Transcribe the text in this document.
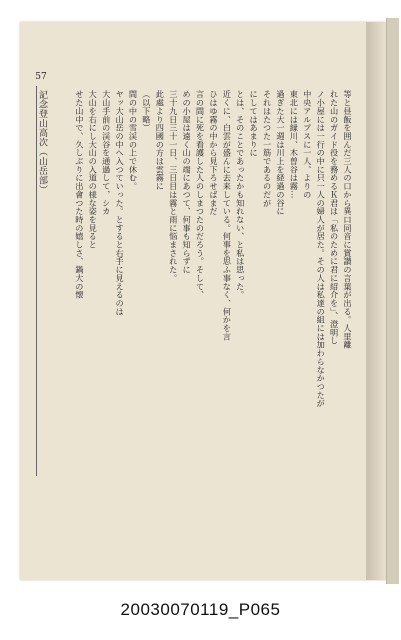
57
記念登山高次（山岳部）	等と昼飯を囲んだ三人の口から異口同音に賞讃の言葉が出る。人里離

れた山のガイド役を務めるＫ君は「私のために君に紹介を」、澄明し

ノ小屋には一行の中に只一人の婦人が居た。その人は私達の組には加わらなかつたが

中央アルプスに一人、よりの

東北には縁川、木曽谷は霧…

過ぎた大一週は川上を経過の谷に

それはたつた一筋であるのだが

にしてはあまりに

とは、そのことであったかも知れない、と私は思った。

近くに、白雲が盛んに去来している。何事を思ふ事なく、何かを言

ひはゆ霧の中から見下ろせばまだ

言の間に死を看護した人のしまつたのだろう。そして、

めの小屋は遠く山の端にあつて、何事も知らずに

三十九日三十一日、三日目は霧と雨に悩まされた。

此處より四國の方は雲霧に

（以下略）

間の中の雪渓の上で休む。

ヤッ大山岳の中へ入つていった。とすると右手に見えるのは

大山手前の渓谷を通過して，シカ

大山を右にし大山の入道の様な姿を見ると

せた山中で、久しぶりに出會つた時の嬉しさ、鍋大の懐

20030070119_P065
